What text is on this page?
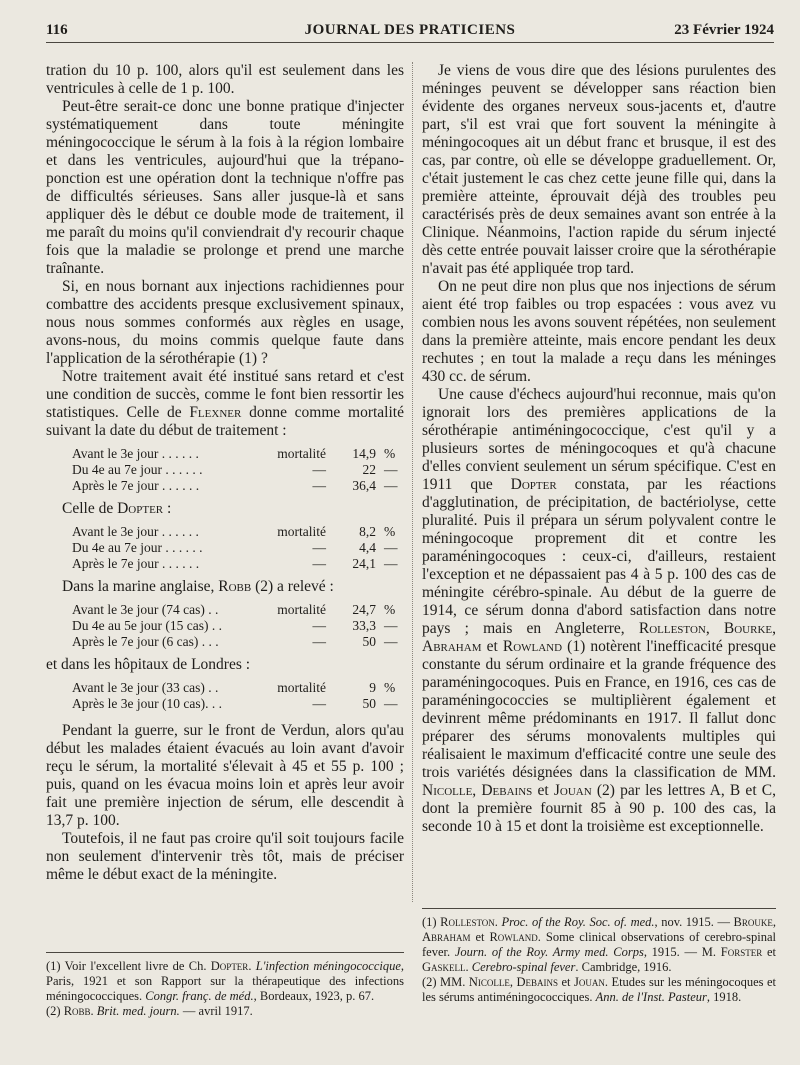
116	JOURNAL DES PRATICIENS	23 Février 1924

tration du 10 p. 100, alors qu'il est seulement dans les ventricules à celle de 1 p. 100.

Peut-être serait-ce donc une bonne pratique d'injecter systématiquement dans toute méningite méningococcique le sérum à la fois à la région lombaire et dans les ventricules, aujourd'hui que la trépano-ponction est une opération dont la technique n'offre pas de difficultés sérieuses. Sans aller jusque-là et sans appliquer dès le début ce double mode de traitement, il me paraît du moins qu'il conviendrait d'y recourir chaque fois que la maladie se prolonge et prend une marche traînante.

Si, en nous bornant aux injections rachidiennes pour combattre des accidents presque exclusivement spinaux, nous nous sommes conformés aux règles en usage, avons-nous, du moins commis quelque faute dans l'application de la sérothérapie (1) ?

Notre traitement avait été institué sans retard et c'est une condition de succès, comme le font bien ressortir les statistiques. Celle de Flexner donne comme mortalité suivant la date du début de traitement :

Avant le 3e jour . . . . . .	mortalité	14,9	%
Du 4e au 7e jour . . . . . .	—	22	—
Après le 7e jour . . . . . .	—	36,4	—

Celle de Dopter :

Avant le 3e jour . . . . . .	mortalité	8,2	%
Du 4e au 7e jour . . . . . .	—	4,4	—
Après le 7e jour . . . . . .	—	24,1	—

Dans la marine anglaise, Robb (2) a relevé :

Avant le 3e jour (74 cas) . .	mortalité	24,7	%
Du 4e au 5e jour (15 cas) . .	—	33,3	—
Après le 7e jour (6 cas) . . .	—	50	—

et dans les hôpitaux de Londres :

Avant le 3e jour (33 cas) . .	mortalité	9	%
Après le 3e jour (10 cas). . .	—	50	—

Pendant la guerre, sur le front de Verdun, alors qu'au début les malades étaient évacués au loin avant d'avoir reçu le sérum, la mortalité s'élevait à 45 et 55 p. 100 ; puis, quand on les évacua moins loin et après leur avoir fait une première injection de sérum, elle descendit à 13,7 p. 100.

Toutefois, il ne faut pas croire qu'il soit toujours facile non seulement d'intervenir très tôt, mais de préciser même le début exact de la méningite.

Je viens de vous dire que des lésions purulentes des méninges peuvent se développer sans réaction bien évidente des organes nerveux sous-jacents et, d'autre part, s'il est vrai que fort souvent la méningite à méningocoques ait un début franc et brusque, il est des cas, par contre, où elle se développe graduellement. Or, c'était justement le cas chez cette jeune fille qui, dans la première atteinte, éprouvait déjà des troubles peu caractérisés près de deux semaines avant son entrée à la Clinique. Néanmoins, l'action rapide du sérum injecté dès cette entrée pouvait laisser croire que la sérothérapie n'avait pas été appliquée trop tard.

On ne peut dire non plus que nos injections de sérum aient été trop faibles ou trop espacées : vous avez vu combien nous les avons souvent répétées, non seulement dans la première atteinte, mais encore pendant les deux rechutes ; en tout la malade a reçu dans les méninges 430 cc. de sérum.

Une cause d'échecs aujourd'hui reconnue, mais qu'on ignorait lors des premières applications de la sérothérapie antiméningococcique, c'est qu'il y a plusieurs sortes de méningocoques et qu'à chacune d'elles convient seulement un sérum spécifique. C'est en 1911 que Dopter constata, par les réactions d'agglutination, de précipitation, de bactériolyse, cette pluralité. Puis il prépara un sérum polyvalent contre le méningocoque proprement dit et contre les paraméningocoques : ceux-ci, d'ailleurs, restaient l'exception et ne dépassaient pas 4 à 5 p. 100 des cas de méningite cérébro-spinale. Au début de la guerre de 1914, ce sérum donna d'abord satisfaction dans notre pays ; mais en Angleterre, Rolleston, Bourke, Abraham et Rowland (1) notèrent l'inefficacité presque constante du sérum ordinaire et la grande fréquence des paraméningocoques. Puis en France, en 1916, ces cas de paraméningococcies se multiplièrent également et devinrent même prédominants en 1917. Il fallut donc préparer des sérums monovalents multiples qui réalisaient le maximum d'efficacité contre une seule des trois variétés désignées dans la classification de MM. Nicolle, Debains et Jouan (2) par les lettres A, B et C, dont la première fournit 85 à 90 p. 100 des cas, la seconde 10 à 15 et dont la troisième est exceptionnelle.

(1) Rolleston. Proc. of the Roy. Soc. of. med., nov. 1915. — Brouke, Abraham et Rowland. Some clinical observations of cerebro-spinal fever. Journ. of the Roy. Army med. Corps, 1915. — M. Forster et Gaskell. Cerebro-spinal fever. Cambridge, 1916.

(2) MM. Nicolle, Debains et Jouan. Etudes sur les méningocoques et les sérums antiméningococciques. Ann. de l'Inst. Pasteur, 1918.

(1) Voir l'excellent livre de Ch. Dopter. L'infection méningococcique, Paris, 1921 et son Rapport sur la thérapeutique des infections méningococciques. Congr. franç. de méd., Bordeaux, 1923, p. 67.

(2) Robb. Brit. med. journ. — avril 1917.
